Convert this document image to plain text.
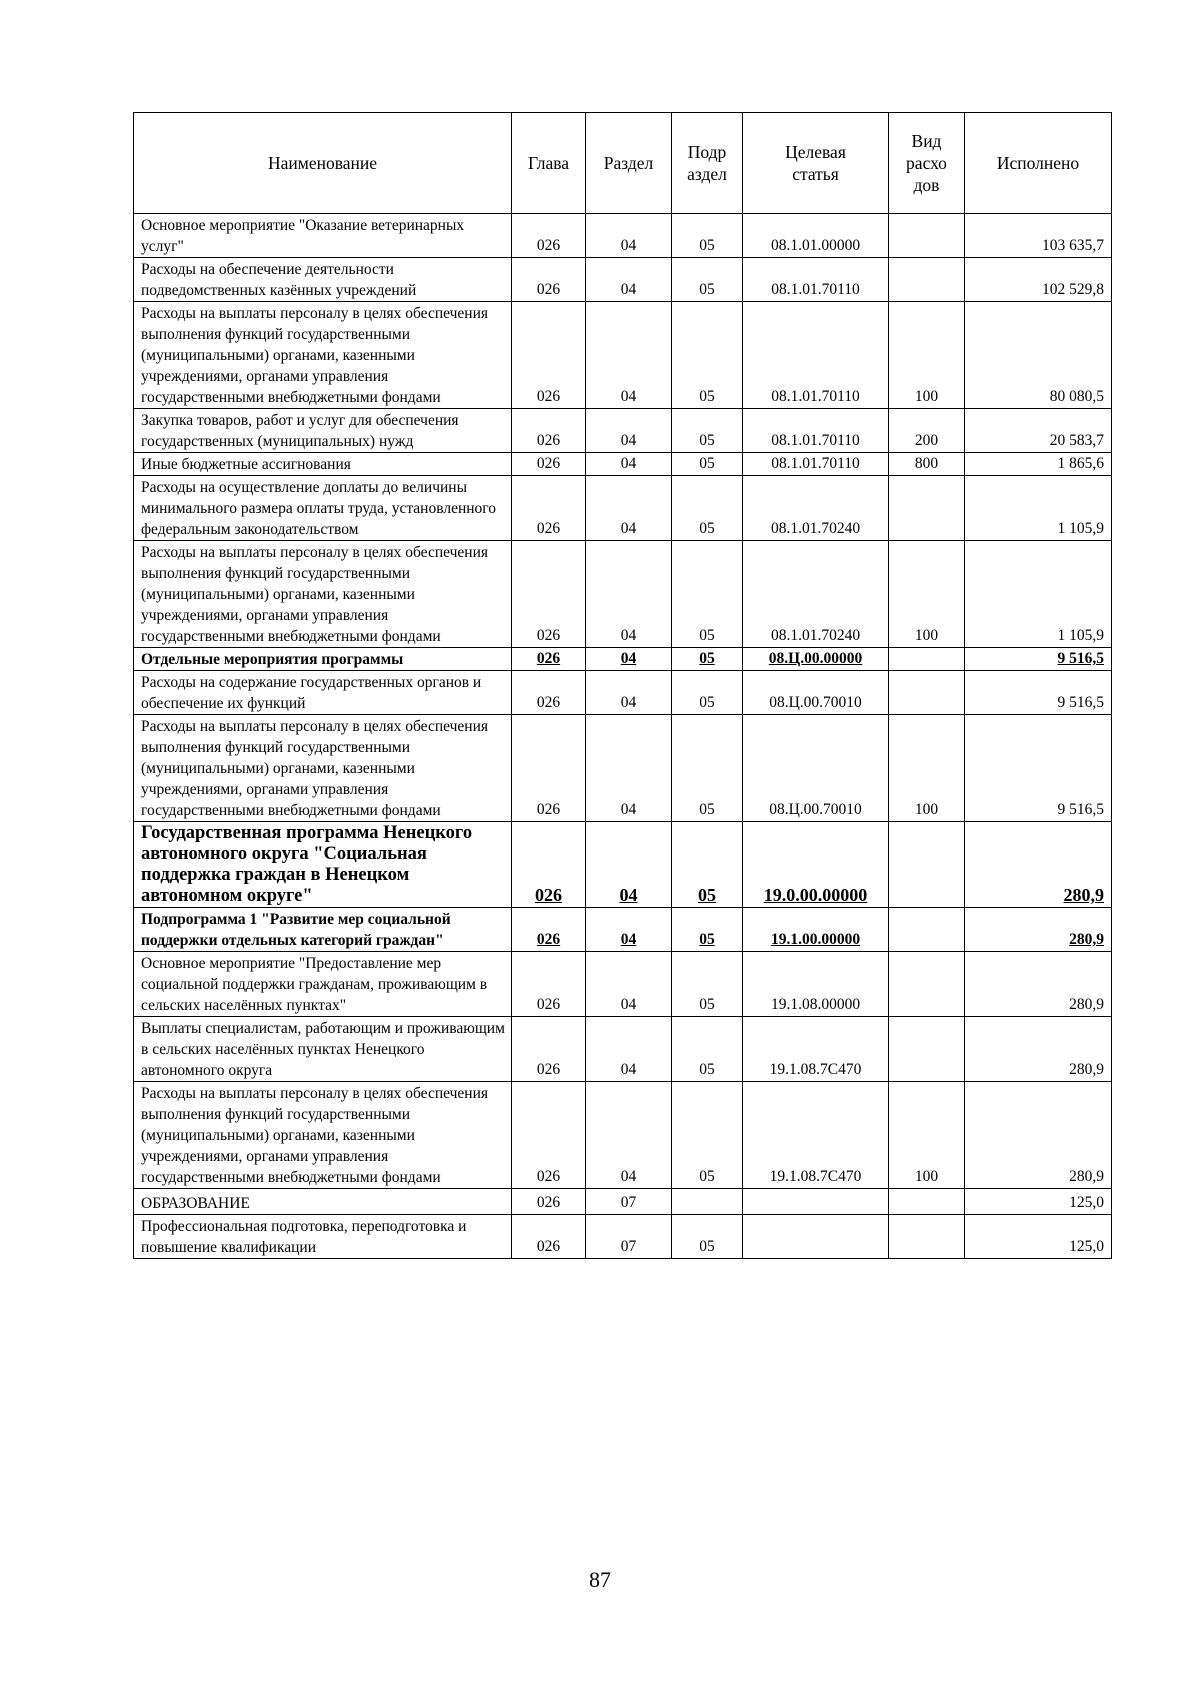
Наименование	Глава	Раздел	Подр аздел	Целевая статья	Вид расхо дов	Исполнено
Основное мероприятие "Оказание ветеринарных услуг"	026	04	05	08.1.01.00000		103 635,7
Расходы на обеспечение деятельности подведомственных казённых учреждений	026	04	05	08.1.01.70110		102 529,8
Расходы на выплаты персоналу в целях обеспечения выполнения функций государственными (муниципальными) органами, казенными учреждениями, органами управления государственными внебюджетными фондами	026	04	05	08.1.01.70110	100	80 080,5
Закупка товаров, работ и услуг для обеспечения государственных (муниципальных) нужд	026	04	05	08.1.01.70110	200	20 583,7
Иные бюджетные ассигнования	026	04	05	08.1.01.70110	800	1 865,6
Расходы на осуществление доплаты до величины минимального размера оплаты труда, установленного федеральным законодательством	026	04	05	08.1.01.70240		1 105,9
Расходы на выплаты персоналу в целях обеспечения выполнения функций государственными (муниципальными) органами, казенными учреждениями, органами управления государственными внебюджетными фондами	026	04	05	08.1.01.70240	100	1 105,9
Отдельные мероприятия программы	026	04	05	08.Ц.00.00000		9 516,5
Расходы на содержание государственных органов и обеспечение их функций	026	04	05	08.Ц.00.70010		9 516,5
Расходы на выплаты персоналу в целях обеспечения выполнения функций государственными (муниципальными) органами, казенными учреждениями, органами управления государственными внебюджетными фондами	026	04	05	08.Ц.00.70010	100	9 516,5
Государственная программа Ненецкого автономного округа "Социальная поддержка граждан в Ненецком автономном округе"	026	04	05	19.0.00.00000		280,9
Подпрограмма 1 "Развитие мер социальной поддержки отдельных категорий граждан"	026	04	05	19.1.00.00000		280,9
Основное мероприятие "Предоставление мер социальной поддержки гражданам, проживающим в сельских населённых пунктах"	026	04	05	19.1.08.00000		280,9
Выплаты специалистам, работающим и проживающим в сельских населённых пунктах Ненецкого автономного округа	026	04	05	19.1.08.7С470		280,9
Расходы на выплаты персоналу в целях обеспечения выполнения функций государственными (муниципальными) органами, казенными учреждениями, органами управления государственными внебюджетными фондами	026	04	05	19.1.08.7С470	100	280,9
ОБРАЗОВАНИЕ	026	07				125,0
Профессиональная подготовка, переподготовка и повышение квалификации	026	07	05			125,0
87
